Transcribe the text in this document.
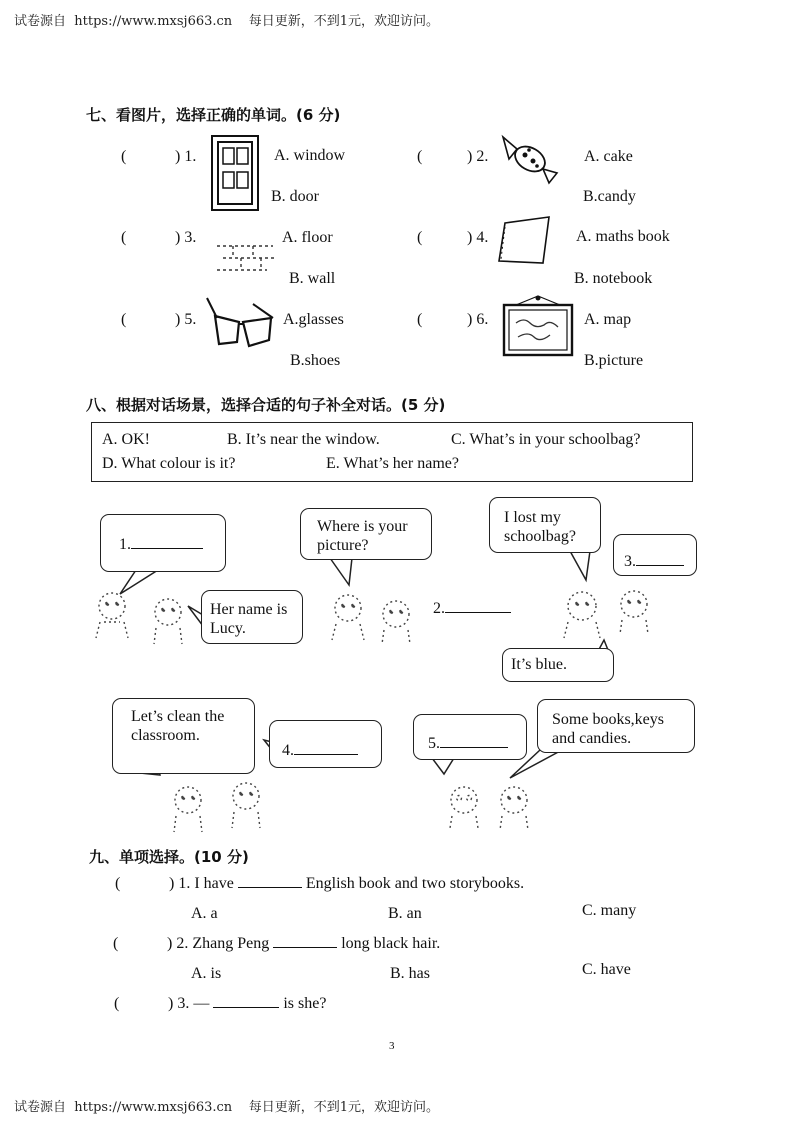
试卷源自 https://www.mxsj663.cn 每日更新，不到1元，欢迎访问。
试卷源自 https://www.mxsj663.cn 每日更新，不到1元，欢迎访问。
七、看图片，选择正确的单词。(6 分)
(	) 1.	A. window
B. door
(	) 2.	A. cake
B.candy
(	) 3.	A. floor
B. wall
(	) 4.	A. maths book
B. notebook
(	) 5.	A.glasses
B.shoes
(	) 6.	A. map
B.picture
八、根据对话场景，选择合适的句子补全对话。(5 分)
A. OK!	B. It’s near the window.	C. What’s in your schoolbag?
D. What colour is it?	E. What’s her name?
1.
Where is your picture?
I lost my schoolbag?
3.
Her name is Lucy.
2.
It’s blue.
Let’s clean the classroom.
4.	5.
Some books,keys and candies.
九、单项选择。(10 分)
(	) 1. I have	English book and two storybooks.
A. a	B. an	C. many
(	) 2. Zhang Peng	long black hair.
A. is	B. has	C. have
(	) 3. —	is she?
3
